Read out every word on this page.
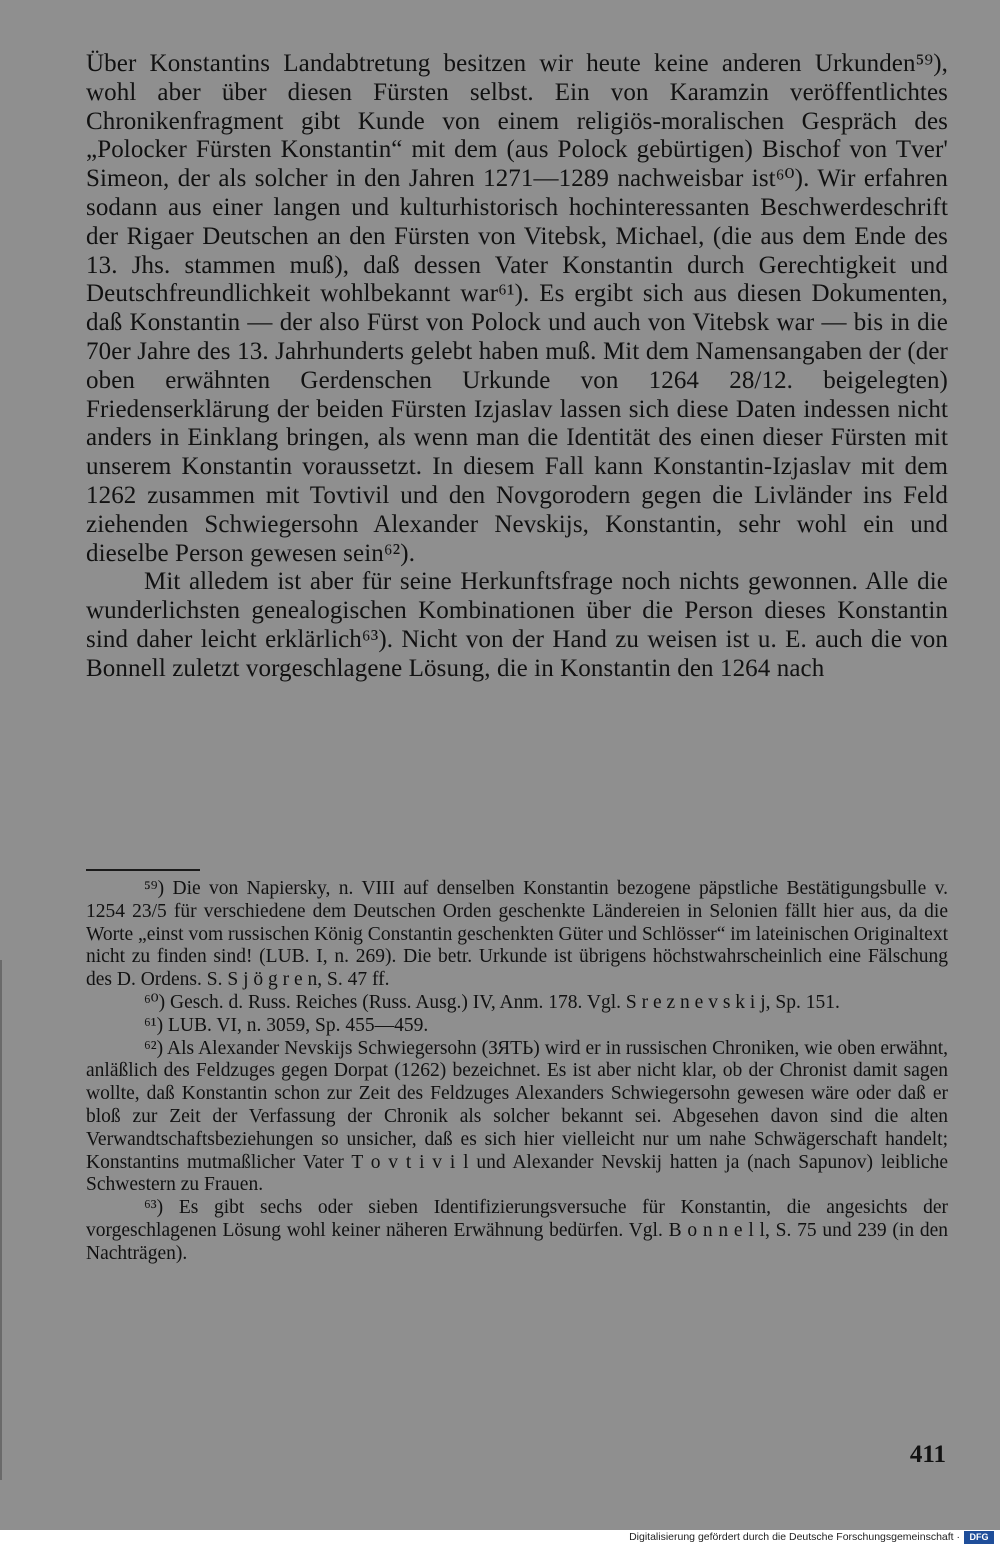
Über Konstantins Landabtretung besitzen wir heute keine anderen Urkunden⁵⁹), wohl aber über diesen Fürsten selbst. Ein von Karamzin veröffentlichtes Chronikenfragment gibt Kunde von einem religiös-moralischen Gespräch des „Polocker Fürsten Konstantin“ mit dem (aus Polock gebürtigen) Bischof von Tver' Simeon, der als solcher in den Jahren 1271—1289 nachweisbar ist⁶⁰). Wir erfahren sodann aus einer langen und kulturhistorisch hochinteressanten Beschwerdeschrift der Rigaer Deutschen an den Fürsten von Vitebsk, Michael, (die aus dem Ende des 13. Jhs. stammen muß), daß dessen Vater Konstantin durch Gerechtigkeit und Deutschfreundlichkeit wohlbekannt war⁶¹). Es ergibt sich aus diesen Dokumenten, daß Konstantin — der also Fürst von Polock und auch von Vitebsk war — bis in die 70er Jahre des 13. Jahrhunderts gelebt haben muß. Mit dem Namensangaben der (der oben erwähnten Gerdenschen Urkunde von 1264 28/12. beigelegten) Friedenserklärung der beiden Fürsten Izjaslav lassen sich diese Daten indessen nicht anders in Einklang bringen, als wenn man die Identität des einen dieser Fürsten mit unserem Konstantin voraussetzt. In diesem Fall kann Konstantin-Izjaslav mit dem 1262 zusammen mit Tovtivil und den Novgorodern gegen die Livländer ins Feld ziehenden Schwiegersohn Alexander Nevskijs, Konstantin, sehr wohl ein und dieselbe Person gewesen sein⁶²).

Mit alledem ist aber für seine Herkunftsfrage noch nichts gewonnen. Alle die wunderlichsten genealogischen Kombinationen über die Person dieses Konstantin sind daher leicht erklärlich⁶³). Nicht von der Hand zu weisen ist u. E. auch die von Bonnell zuletzt vorgeschlagene Lösung, die in Konstantin den 1264 nach

⁵⁹) Die von Napiersky, n. VIII auf denselben Konstantin bezogene päpstliche Bestätigungsbulle v. 1254 23/5 für verschiedene dem Deutschen Orden geschenkte Ländereien in Selonien fällt hier aus, da die Worte „einst vom russischen König Constantin geschenkten Güter und Schlösser“ im lateinischen Originaltext nicht zu finden sind! (LUB. I, n. 269). Die betr. Urkunde ist übrigens höchstwahrscheinlich eine Fälschung des D. Ordens. S. S j ö g r e n, S. 47 ff.

⁶⁰) Gesch. d. Russ. Reiches (Russ. Ausg.) IV, Anm. 178. Vgl. S r e z n e v s k i j, Sp. 151.

⁶¹) LUB. VI, n. 3059, Sp. 455—459.

⁶²) Als Alexander Nevskijs Schwiegersohn (ЗЯТЬ) wird er in russischen Chroniken, wie oben erwähnt, anläßlich des Feldzuges gegen Dorpat (1262) bezeichnet. Es ist aber nicht klar, ob der Chronist damit sagen wollte, daß Konstantin schon zur Zeit des Feldzuges Alexanders Schwiegersohn gewesen wäre oder daß er bloß zur Zeit der Verfassung der Chronik als solcher bekannt sei. Abgesehen davon sind die alten Verwandtschaftsbeziehungen so unsicher, daß es sich hier vielleicht nur um nahe Schwägerschaft handelt; Konstantins mutmaßlicher Vater T o v t i v i l und Alexander Nevskij hatten ja (nach Sapunov) leibliche Schwestern zu Frauen.

⁶³) Es gibt sechs oder sieben Identifizierungsversuche für Konstantin, die angesichts der vorgeschlagenen Lösung wohl keiner näheren Erwähnung bedürfen. Vgl. B o n n e l l, S. 75 und 239 (in den Nachträgen).

411
Digitalisierung gefördert durch die Deutsche Forschungsgemeinschaft ·	DFG
